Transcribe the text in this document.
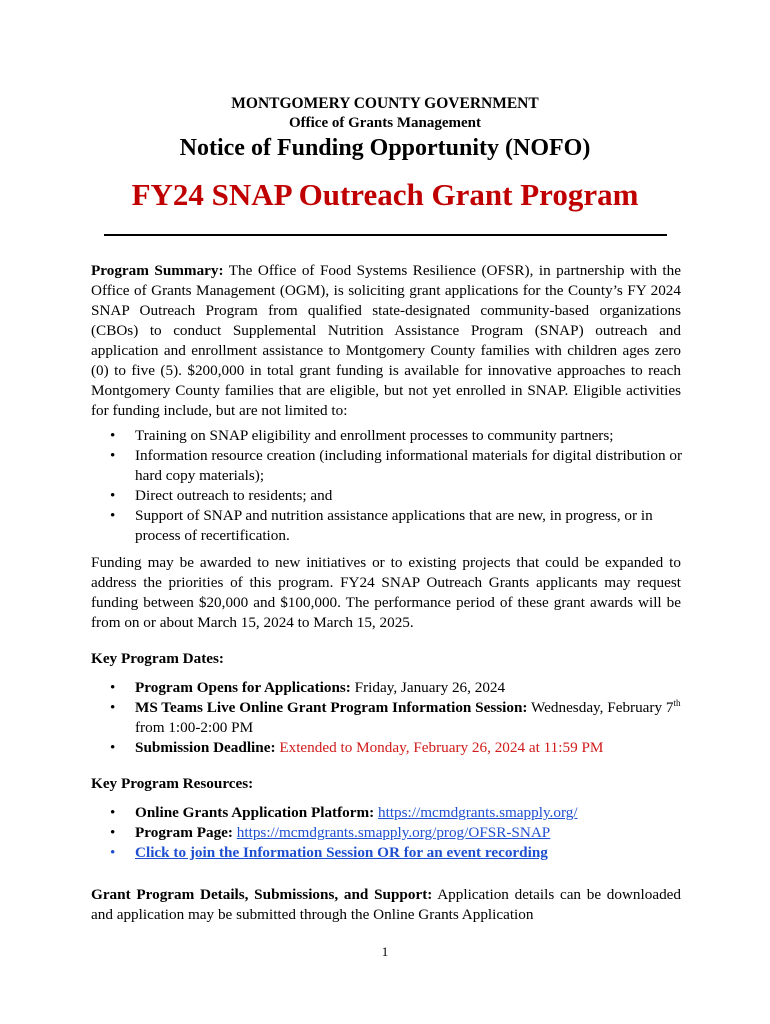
MONTGOMERY COUNTY GOVERNMENT
Office of Grants Management
Notice of Funding Opportunity (NOFO)
FY24 SNAP Outreach Grant Program
Program Summary: The Office of Food Systems Resilience (OFSR), in partnership with the Office of Grants Management (OGM), is soliciting grant applications for the County’s FY 2024 SNAP Outreach Program from qualified state-designated community-based organizations (CBOs) to conduct Supplemental Nutrition Assistance Program (SNAP) outreach and application and enrollment assistance to Montgomery County families with children ages zero (0) to five (5). $200,000 in total grant funding is available for innovative approaches to reach Montgomery County families that are eligible, but not yet enrolled in SNAP. Eligible activities for funding include, but are not limited to:
• Training on SNAP eligibility and enrollment processes to community partners;
• Information resource creation (including informational materials for digital distribution or hard copy materials);
• Direct outreach to residents; and
• Support of SNAP and nutrition assistance applications that are new, in progress, or in process of recertification.
Funding may be awarded to new initiatives or to existing projects that could be expanded to address the priorities of this program. FY24 SNAP Outreach Grants applicants may request funding between $20,000 and $100,000. The performance period of these grant awards will be from on or about March 15, 2024 to March 15, 2025.
Key Program Dates:
• Program Opens for Applications: Friday, January 26, 2024
• MS Teams Live Online Grant Program Information Session: Wednesday, February 7th from 1:00-2:00 PM
• Submission Deadline: Extended to Monday, February 26, 2024 at 11:59 PM
Key Program Resources:
• Online Grants Application Platform: https://mcmdgrants.smapply.org/
• Program Page: https://mcmdgrants.smapply.org/prog/OFSR-SNAP
• Click to join the Information Session OR for an event recording
Grant Program Details, Submissions, and Support: Application details can be downloaded and application may be submitted through the Online Grants Application
1
